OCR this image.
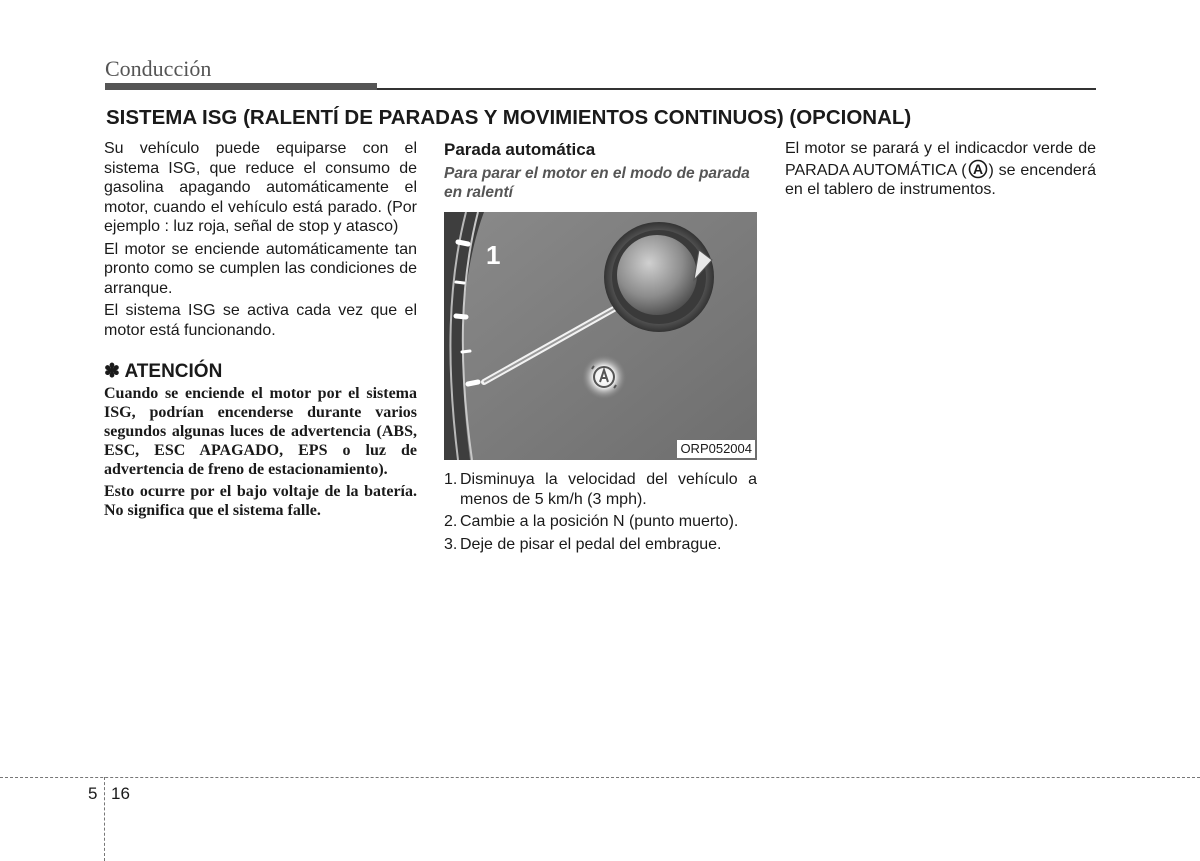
Conducción
SISTEMA ISG (RALENTÍ DE PARADAS Y MOVIMIENTOS CONTINUOS) (OPCIONAL)

Su vehículo puede equiparse con el sistema ISG, que reduce el consumo de gasolina apagando automáticamente el motor, cuando el vehículo está parado. (Por ejemplo : luz roja, señal de stop y atasco)

El motor se enciende automáticamente tan pronto como se cumplen las condiciones de arranque.

El sistema ISG se activa cada vez que el motor está funcionando.

✽ ATENCIÓN

Cuando se enciende el motor por el sistema ISG, podrían encenderse durante varios segundos algunas luces de advertencia (ABS, ESC, ESC APAGADO, EPS o luz de advertencia de freno de estacionamiento).

Esto ocurre por el bajo voltaje de la batería. No significa que el sistema falle.

Parada automática
Para parar el motor en el modo de parada en ralentí
1
ORP052004
1. Disminuya la velocidad del vehículo a menos de 5 km/h (3 mph).
2. Cambie a la posición N (punto muerto).
3. Deje de pisar el pedal del embrague.

El motor se parará y el indicacdor verde de PARADA AUTOMÁTICA ( A ) se encenderá en el tablero de instrumentos.

5 16
